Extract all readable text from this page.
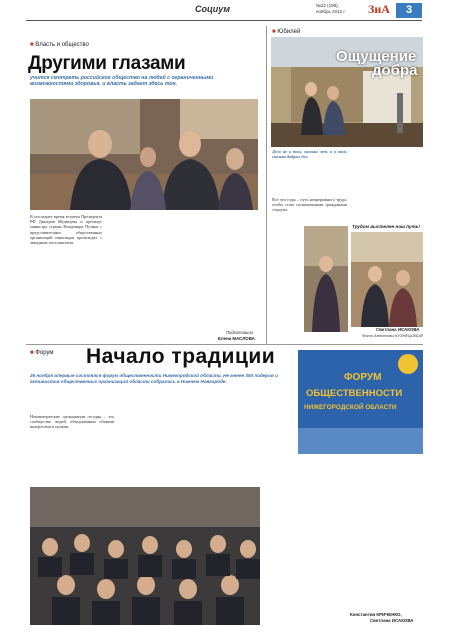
Социум	№22 (199),
ноябрь 2012 г. ЗиА	3
■ Власть и общество
Другими глазами
учится смотреть российское общество на людей с ограниченными возможностями здоровья, и власть задает здесь тон.
В последнее время встречи Президента РФ Дмитрия Медведева и премьер-министра страны Владимира Путина с представителями общественных организаций инвалидов происходят с завидным постоянством.
Подготовила
Елена МАСЛОВА
■ Юбилей
Ощущение
добра
Дело не в том, сколько лет, а в том, сколько добрых дел.
Все эти годы – путь непрерывного труда, чтобы стать полноценными гражданами социума.
Трудом выстелен наш путь!
Светлана ИСАКОВА
Фото Антонины КУЗНЕЦОВОЙ
■ Форум Начало традиции
26 ноября впервые состоялся форум общественности Нижегородской области. Не менее 350 лидеров и активистов общественных организаций области собрались в Нижнем Новгороде.
Некоммерческие организации сегодня – это сообщество людей, объединённых общими интересами и целями.
ФОРУМ
ОБЩЕСТВЕННОСТИ
НИЖЕГОРОДСКОЙ ОБЛАСТИ
Константин КРИЧЕНКО,
Светлана ИСАКОВА
